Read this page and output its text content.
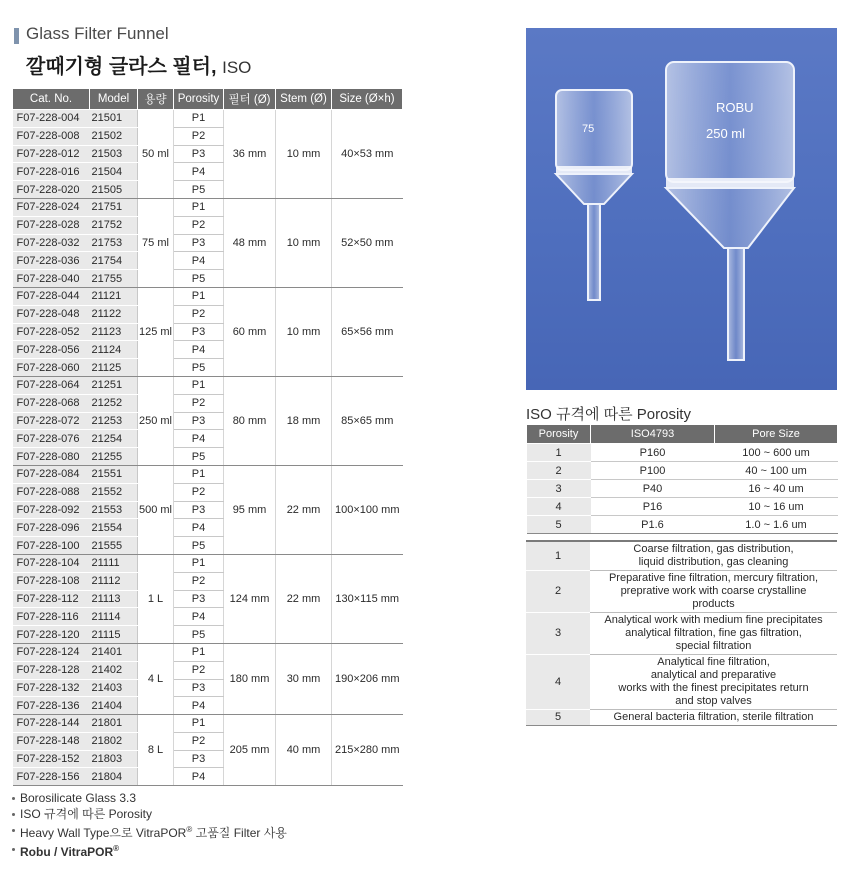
Glass Filter Funnel
깔때기형 글라스 필터, ISO
Cat. No.	Model	용량	Porosity	필터 (Ø)	Stem (Ø)	Size (Ø×h)
F07-228-004	21501	50 ml	P1	36 mm	10 mm	40×53 mm
F07-228-008	21502		P2			
F07-228-012	21503		P3			
F07-228-016	21504		P4			
F07-228-020	21505		P5			
F07-228-024	21751	75 ml	P1	48 mm	10 mm	52×50 mm
F07-228-028	21752		P2			
F07-228-032	21753		P3			
F07-228-036	21754		P4			
F07-228-040	21755		P5			
F07-228-044	21121	125 ml	P1	60 mm	10 mm	65×56 mm
F07-228-048	21122		P2			
F07-228-052	21123		P3			
F07-228-056	21124		P4			
F07-228-060	21125		P5			
F07-228-064	21251	250 ml	P1	80 mm	18 mm	85×65 mm
F07-228-068	21252		P2			
F07-228-072	21253		P3			
F07-228-076	21254		P4			
F07-228-080	21255		P5			
F07-228-084	21551	500 ml	P1	95 mm	22 mm	100×100 mm
F07-228-088	21552		P2			
F07-228-092	21553		P3			
F07-228-096	21554		P4			
F07-228-100	21555		P5			
F07-228-104	21111	1 L	P1	124 mm	22 mm	130×115 mm
F07-228-108	21112		P2			
F07-228-112	21113		P3			
F07-228-116	21114		P4			
F07-228-120	21115		P5			
F07-228-124	21401	4 L	P1	180 mm	30 mm	190×206 mm
F07-228-128	21402		P2			
F07-228-132	21403		P3			
F07-228-136	21404		P4			
F07-228-144	21801	8 L	P1	205 mm	40 mm	215×280 mm
F07-228-148	21802		P2			
F07-228-152	21803		P3			
F07-228-156	21804		P4			
Borosilicate Glass 3.3
ISO 규격에 따른 Porosity
Heavy Wall Type으로 VitraPOR® 고품질 Filter 사용
Robu / VitraPOR®
75
ROBU
250 ml
ISO 규격에 따른 Porosity
Porosity	ISO4793	Pore Size
1	P160	100 ~ 600 um
2	P100	40 ~ 100 um
3	P40	16 ~ 40 um
4	P16	10 ~ 16 um
5	P1.6	1.0 ~ 1.6 um
1	Coarse filtration, gas distribution,
liquid distribution, gas cleaning

2	Preparative fine filtration, mercury filtration,
preprative work with coarse crystalline
products

3	Analytical work with medium fine precipitates
analytical filtration, fine gas filtration,
special filtration

4	Analytical fine filtration,
analytical and preparative
works with the finest precipitates return
and stop valves

5	General bacteria filtration, sterile filtration
